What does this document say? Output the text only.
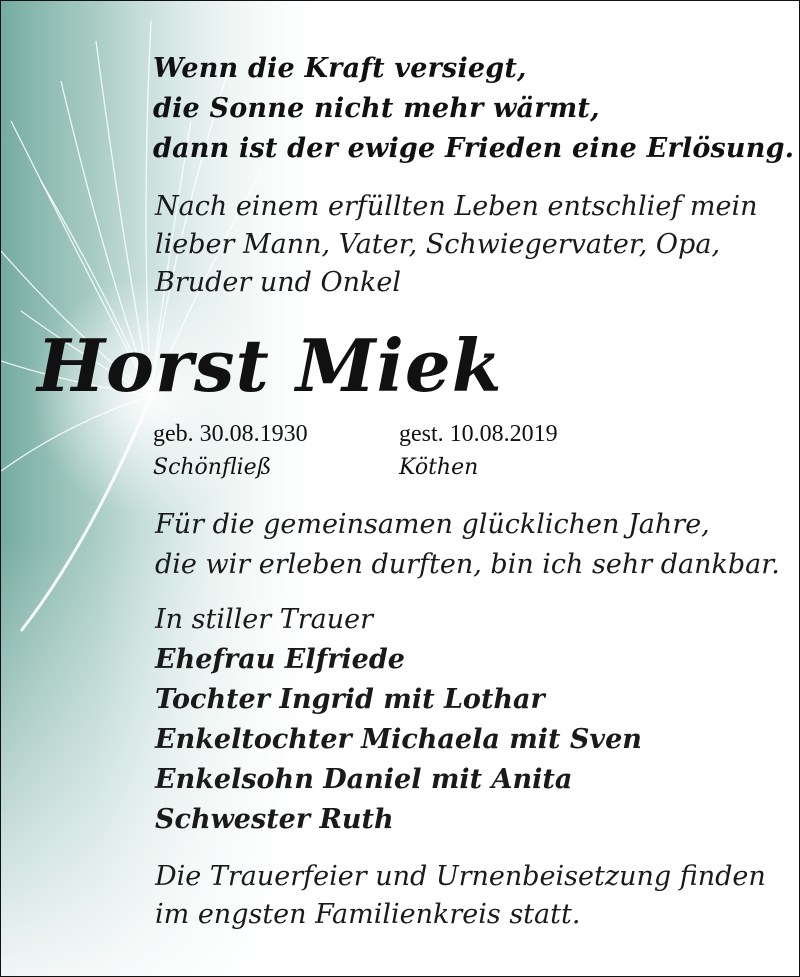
Wenn die Kraft versiegt,
die Sonne nicht mehr wärmt,
dann ist der ewige Frieden eine Erlösung.
Nach einem erfüllten Leben entschlief mein
lieber Mann, Vater, Schwiegervater, Opa,
Bruder und Onkel
Horst Miek
geb. 30.08.1930	gest. 10.08.2019
Schönfließ	Köthen
Für die gemeinsamen glücklichen Jahre,
die wir erleben durften, bin ich sehr dankbar.
In stiller Trauer
Ehefrau Elfriede
Tochter Ingrid mit Lothar
Enkeltochter Michaela mit Sven
Enkelsohn Daniel mit Anita
Schwester Ruth
Die Trauerfeier und Urnenbeisetzung finden
im engsten Familienkreis statt.
